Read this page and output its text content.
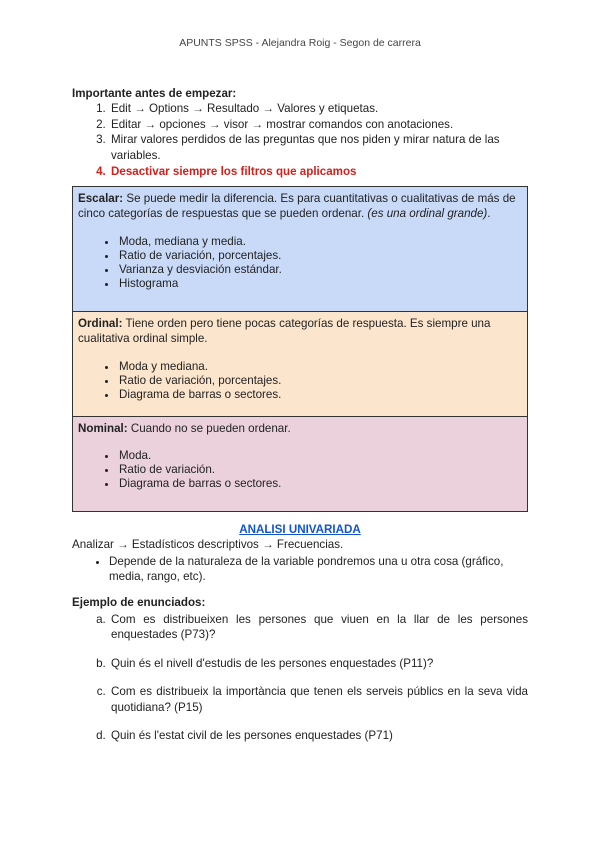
APUNTS SPSS - Alejandra Roig - Segon de carrera

Importante antes de empezar:

1. Edit → Options → Resultado → Valores y etiquetas.
2. Editar → opciones → visor → mostrar comandos con anotaciones.
3. Mirar valores perdidos de las preguntas que nos piden y mirar natura de las variables.
4. Desactivar siempre los filtros que aplicamos
Escalar: Se puede medir la diferencia. Es para cuantitativas o cualitativas de más de cinco categorías de respuestas que se pueden ordenar. (es una ordinal grande).
• Moda, mediana y media.
• Ratio de variación, porcentajes.
• Varianza y desviación estándar.
• Histograma

Ordinal: Tiene orden pero tiene pocas categorías de respuesta. Es siempre una cualitativa ordinal simple.
• Moda y mediana.
• Ratio de variación, porcentajes.
• Diagrama de barras o sectores.

Nominal: Cuando no se pueden ordenar.
• Moda.
• Ratio de variación.
• Diagrama de barras o sectores.
ANALISI UNIVARIADA
Analizar → Estadísticos descriptivos → Frecuencias.
• Depende de la naturaleza de la variable pondremos una u otra cosa (gráfico, media, rango, etc).
Ejemplo de enunciados:
a. Com es distribueixen les persones que viuen en la llar de les persones enquestades (P73)?
b. Quin és el nivell d'estudis de les persones enquestades (P11)?
c. Com es distribueix la importància que tenen els serveis públics en la seva vida quotidiana? (P15)
d. Quin és l'estat civil de les persones enquestades (P71)
